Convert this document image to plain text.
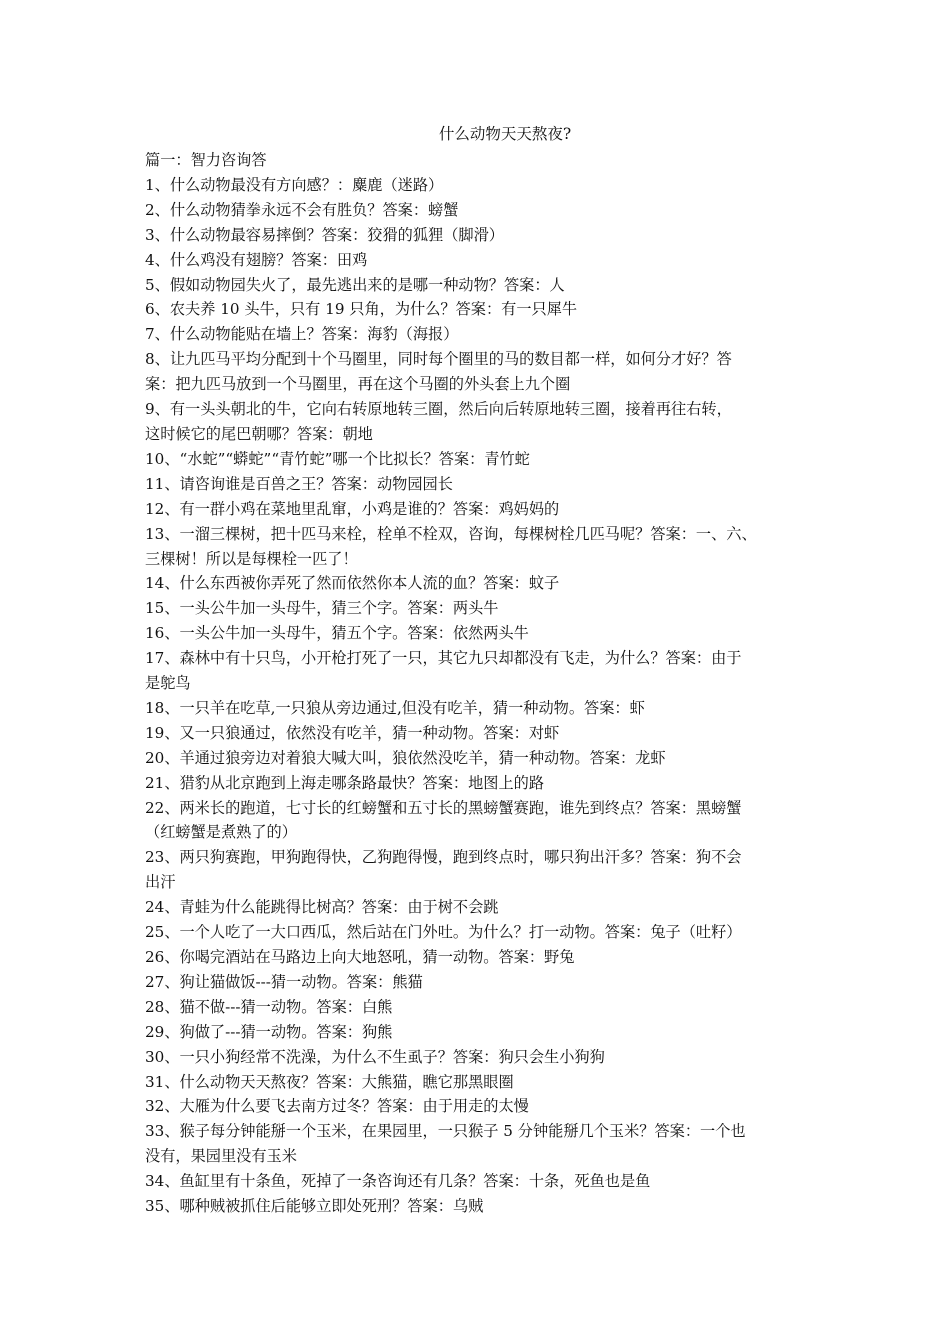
什么动物天天熬夜?

篇一：智力咨询答

1、什么动物最没有方向感？：麋鹿（迷路）

2、什么动物猜拳永远不会有胜负？答案：螃蟹

3、什么动物最容易摔倒？答案：狡猾的狐狸（脚滑）

4、什么鸡没有翅膀？答案：田鸡

5、假如动物园失火了，最先逃出来的是哪一种动物？答案：人

6、农夫养 10 头牛，只有 19 只角，为什么？答案：有一只犀牛

7、什么动物能贴在墙上？答案：海豹（海报）

8、让九匹马平均分配到十个马圈里，同时每个圈里的马的数目都一样，如何分才好？答

案：把九匹马放到一个马圈里，再在这个马圈的外头套上九个圈

9、有一头头朝北的牛，它向右转原地转三圈，然后向后转原地转三圈，接着再往右转，

这时候它的尾巴朝哪？答案：朝地

10、“水蛇”“蟒蛇”“青竹蛇”哪一个比拟长？答案：青竹蛇

11、请咨询谁是百兽之王？答案：动物园园长

12、有一群小鸡在菜地里乱窜，小鸡是谁的？答案：鸡妈妈的

13、一溜三棵树，把十匹马来栓，栓单不栓双，咨询，每棵树栓几匹马呢？答案：一、六、

三棵树！所以是每棵栓一匹了！

14、什么东西被你弄死了然而依然你本人流的血？答案：蚊子

15、一头公牛加一头母牛，猜三个字。答案：两头牛

16、一头公牛加一头母牛，猜五个字。答案：依然两头牛

17、森林中有十只鸟，小开枪打死了一只，其它九只却都没有飞走，为什么？答案：由于

是鸵鸟

18、一只羊在吃草,一只狼从旁边通过,但没有吃羊，猜一种动物。答案：虾

19、又一只狼通过，依然没有吃羊，猜一种动物。答案：对虾

20、羊通过狼旁边对着狼大喊大叫，狼依然没吃羊，猜一种动物。答案：龙虾

21、猎豹从北京跑到上海走哪条路最快？答案：地图上的路

22、两米长的跑道，七寸长的红螃蟹和五寸长的黑螃蟹赛跑，谁先到终点？答案：黑螃蟹

（红螃蟹是煮熟了的）

23、两只狗赛跑，甲狗跑得快，乙狗跑得慢，跑到终点时，哪只狗出汗多？答案：狗不会

出汗

24、青蛙为什么能跳得比树高？答案：由于树不会跳

25、一个人吃了一大口西瓜，然后站在门外吐。为什么？打一动物。答案：兔子（吐籽）

26、你喝完酒站在马路边上向大地怒吼，猜一动物。答案：野兔

27、狗让猫做饭---猜一动物。答案：熊猫

28、猫不做---猜一动物。答案：白熊

29、狗做了---猜一动物。答案：狗熊

30、一只小狗经常不洗澡，为什么不生虱子？答案：狗只会生小狗狗

31、什么动物天天熬夜？答案：大熊猫，瞧它那黑眼圈

32、大雁为什么要飞去南方过冬？答案：由于用走的太慢

33、猴子每分钟能掰一个玉米，在果园里，一只猴子 5 分钟能掰几个玉米？答案：一个也

没有，果园里没有玉米

34、鱼缸里有十条鱼，死掉了一条咨询还有几条？答案：十条，死鱼也是鱼

35、哪种贼被抓住后能够立即处死刑？答案：乌贼
